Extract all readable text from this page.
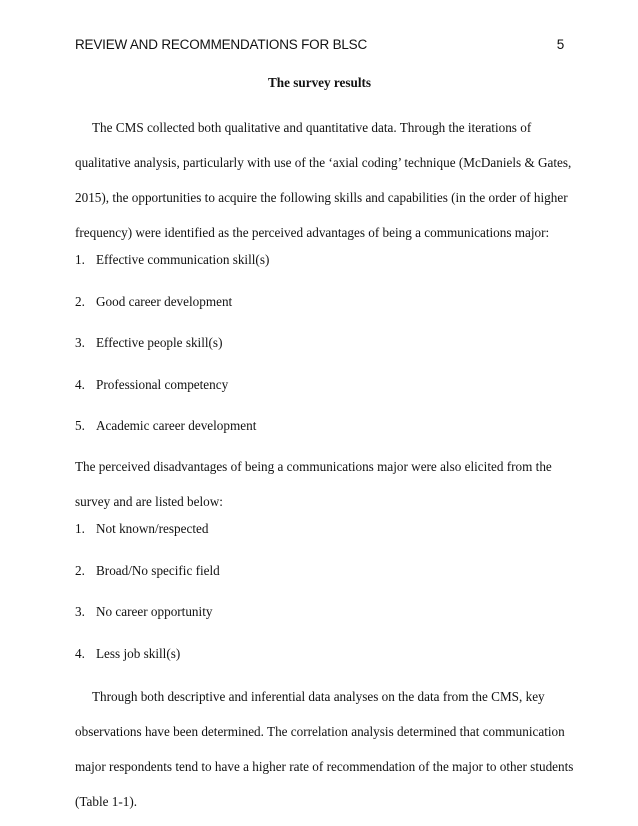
REVIEW AND RECOMMENDATIONS FOR BLSC	5
The survey results

The CMS collected both qualitative and quantitative data. Through the iterations of
qualitative analysis, particularly with use of the ‘axial coding’ technique (McDaniels & Gates,
2015), the opportunities to acquire the following skills and capabilities (in the order of higher
frequency) were identified as the perceived advantages of being a communications major:

1. Effective communication skill(s)
2. Good career development
3. Effective people skill(s)
4. Professional competency
5. Academic career development

The perceived disadvantages of being a communications major were also elicited from the
survey and are listed below:

1. Not known/respected
2. Broad/No specific field
3. No career opportunity
4. Less job skill(s)

Through both descriptive and inferential data analyses on the data from the CMS, key
observations have been determined. The correlation analysis determined that communication
major respondents tend to have a higher rate of recommendation of the major to other students
(Table 1-1).
